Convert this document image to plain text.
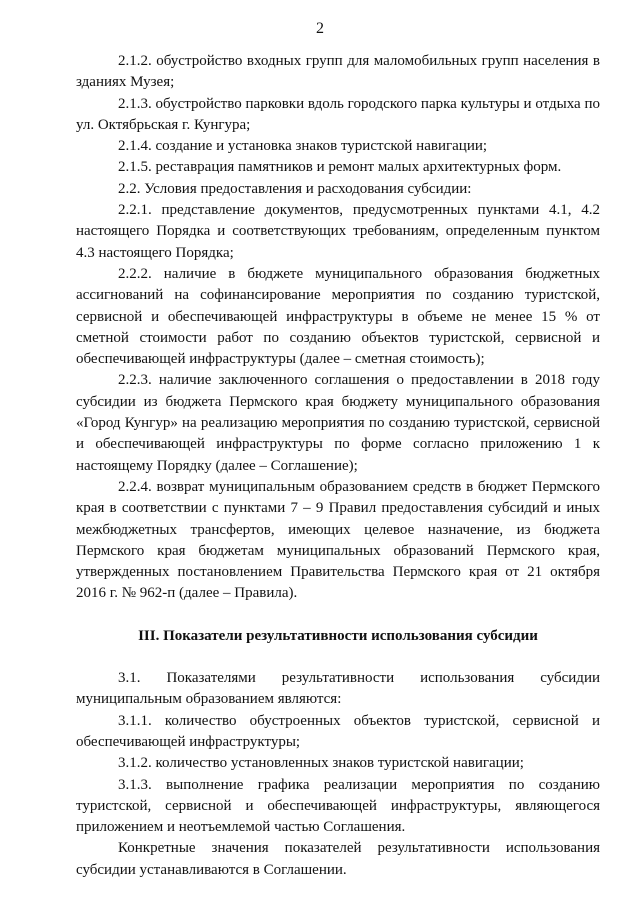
2

2.1.2. обустройство входных групп для маломобильных групп населения в зданиях Музея;

2.1.3. обустройство парковки вдоль городского парка культуры и отдыха по ул. Октябрьская г. Кунгура;

2.1.4. создание и установка знаков туристской навигации;

2.1.5. реставрация памятников и ремонт малых архитектурных форм.

2.2. Условия предоставления и расходования субсидии:

2.2.1. представление документов, предусмотренных пунктами 4.1, 4.2 настоящего Порядка и соответствующих требованиям, определенным пунктом 4.3 настоящего Порядка;

2.2.2. наличие в бюджете муниципального образования бюджетных ассигнований на софинансирование мероприятия по созданию туристской, сервисной и обеспечивающей инфраструктуры в объеме не менее 15 % от сметной стоимости работ по созданию объектов туристской, сервисной и обеспечивающей инфраструктуры (далее – сметная стоимость);

2.2.3. наличие заключенного соглашения о предоставлении в 2018 году субсидии из бюджета Пермского края бюджету муниципального образования «Город Кунгур» на реализацию мероприятия по созданию туристской, сервисной и обеспечивающей инфраструктуры по форме согласно приложению 1 к настоящему Порядку (далее – Соглашение);

2.2.4. возврат муниципальным образованием средств в бюджет Пермского края в соответствии с пунктами 7 – 9 Правил предоставления субсидий и иных межбюджетных трансфертов, имеющих целевое назначение, из бюджета Пермского края бюджетам муниципальных образований Пермского края, утвержденных постановлением Правительства Пермского края от 21 октября 2016 г. № 962-п (далее – Правила).

III. Показатели результативности использования субсидии

3.1. Показателями результативности использования субсидии муниципальным образованием являются:

3.1.1. количество обустроенных объектов туристской, сервисной и обеспечивающей инфраструктуры;

3.1.2. количество установленных знаков туристской навигации;

3.1.3. выполнение графика реализации мероприятия по созданию туристской, сервисной и обеспечивающей инфраструктуры, являющегося приложением и неотъемлемой частью Соглашения.

Конкретные значения показателей результативности использования субсидии устанавливаются в Соглашении.
